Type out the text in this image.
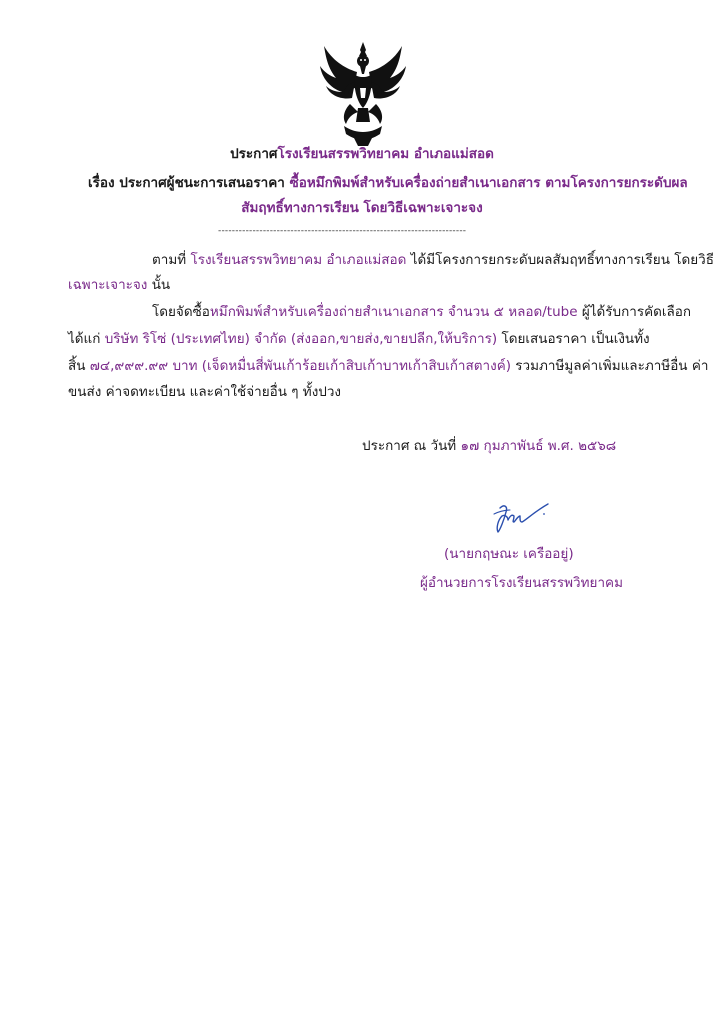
ประกาศโรงเรียนสรรพวิทยาคม อำเภอแม่สอด
เรื่อง ประกาศผู้ชนะการเสนอราคา ซื้อหมึกพิมพ์สำหรับเครื่องถ่ายสำเนาเอกสาร ตามโครงการยกระดับผล
สัมฤทธิ์ทางการเรียน โดยวิธีเฉพาะเจาะจง
------------------------------------------------------------------------
ตามที่ โรงเรียนสรรพวิทยาคม อำเภอแม่สอด ได้มีโครงการยกระดับผลสัมฤทธิ์ทางการเรียน โดยวิธี
เฉพาะเจาะจง นั้น
โดยจัดซื้อหมึกพิมพ์สำหรับเครื่องถ่ายสำเนาเอกสาร จำนวน ๕ หลอด/tube ผู้ได้รับการคัดเลือก
ได้แก่ บริษัท ริโซ่ (ประเทศไทย) จำกัด (ส่งออก,ขายส่ง,ขายปลีก,ให้บริการ) โดยเสนอราคา เป็นเงินทั้ง
สิ้น ๗๔,๙๙๙.๙๙ บาท (เจ็ดหมื่นสี่พันเก้าร้อยเก้าสิบเก้าบาทเก้าสิบเก้าสตางค์) รวมภาษีมูลค่าเพิ่มและภาษีอื่น ค่า
ขนส่ง ค่าจดทะเบียน และค่าใช้จ่ายอื่น ๆ ทั้งปวง
ประกาศ ณ วันที่ ๑๗ กุมภาพันธ์ พ.ศ. ๒๕๖๘
(นายกฤษณะ เครืออยู่)
ผู้อำนวยการโรงเรียนสรรพวิทยาคม
